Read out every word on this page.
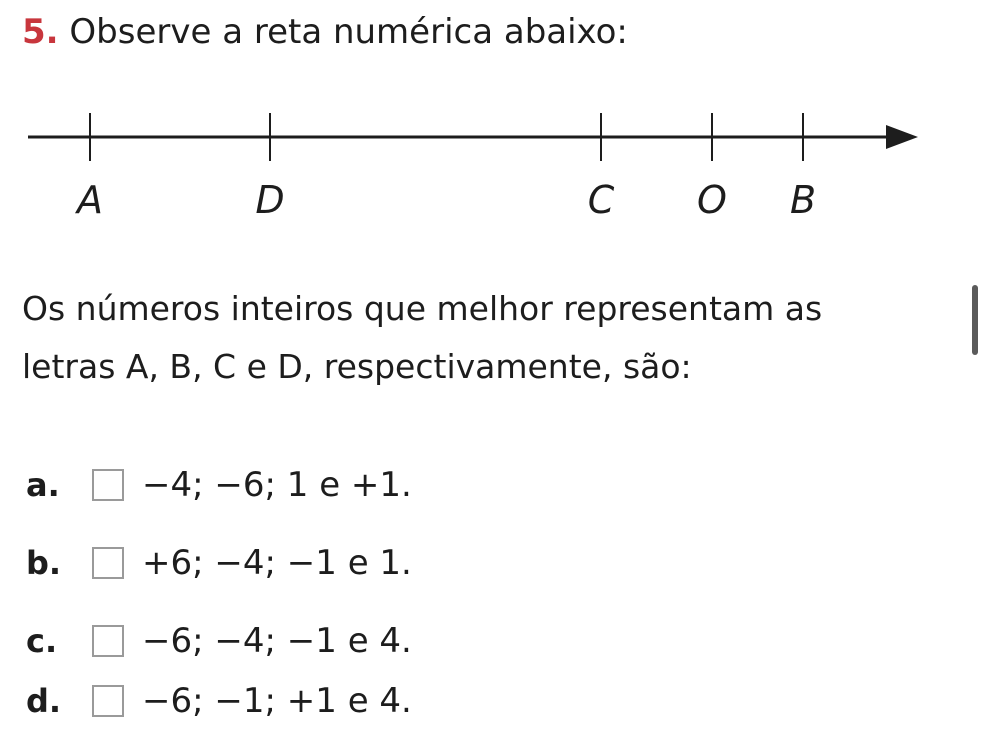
5. Observe a reta numérica abaixo:
A	D	C O B
Os números inteiros que melhor representam as
letras A, B, C e D, respectivamente, são:
a.	−4; −6; 1 e +1.
b. +6; −4; −1 e 1.
c.	−6; −4; −1 e 4.
d. −6; −1; +1 e 4.
